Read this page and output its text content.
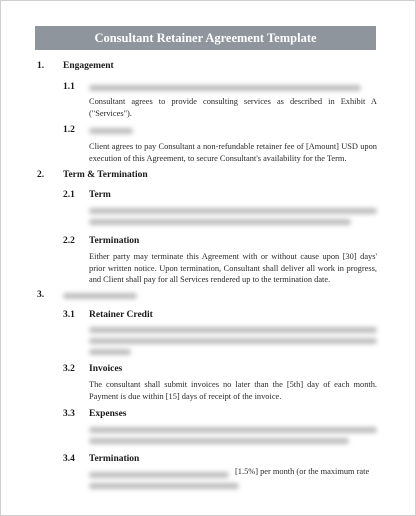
Consultant Retainer Agreement Template
1. Engagement
1.1
Consultant agrees to provide consulting services as described in Exhibit A ("Services").
1.2
Client agrees to pay Consultant a non-refundable retainer fee of [Amount] USD upon execution of this Agreement, to secure Consultant's availability for the Term.
2. Term & Termination
2.1 Term
2.2 Termination
Either party may terminate this Agreement with or without cause upon [30] days' prior written notice. Upon termination, Consultant shall deliver all work in progress, and Client shall pay for all Services rendered up to the termination date.
3.
3.1 Retainer Credit
3.2 Invoices
The consultant shall submit invoices no later than the [5th] day of each month. Payment is due within [15] days of receipt of the invoice.
3.3 Expenses
3.4 Termination
[1.5%] per month (or the maximum rate
